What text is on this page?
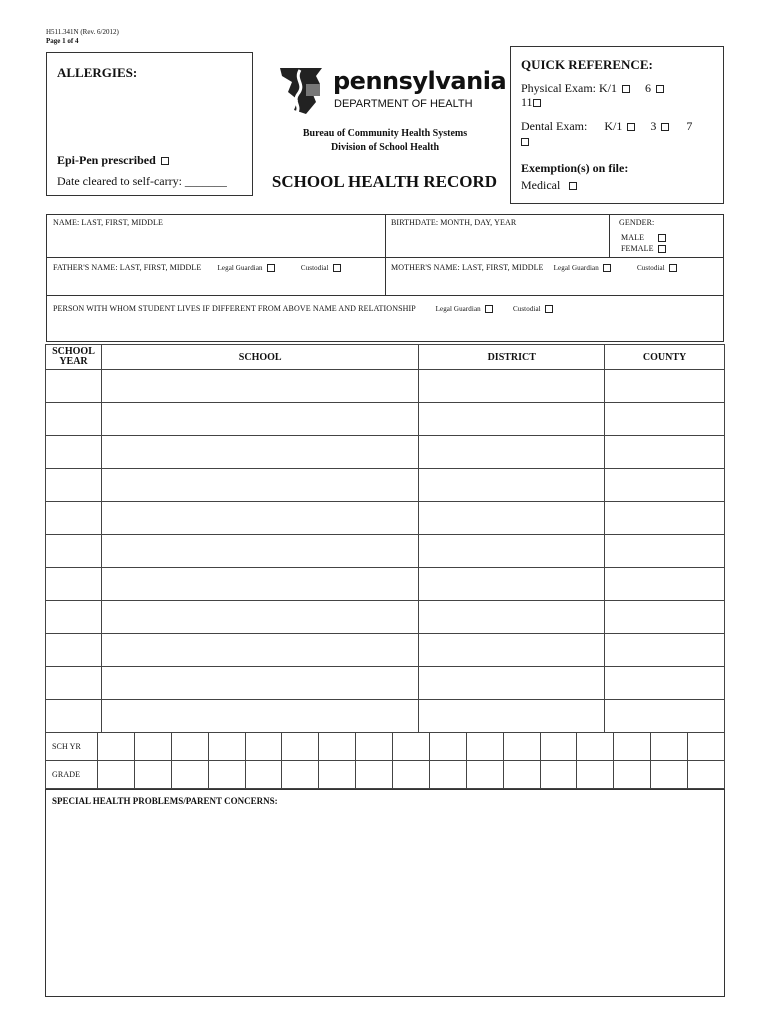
H511.341N (Rev. 6/2012)
Page 1 of 4
ALLERGIES:
Epi-Pen prescribed
Date cleared to self-carry: _______
pennsylvania
DEPARTMENT OF HEALTH
Bureau of Community Health Systems
Division of School Health
SCHOOL HEALTH RECORD
QUICK REFERENCE:
Physical Exam: K/1 6
11
Dental Exam: K/1 3	7
Exemption(s) on file:
Medical
NAME: LAST, FIRST, MIDDLE	BIRTHDATE: MONTH, DAY, YEAR	GENDER:
MALE
FEMALE
FATHER'S NAME: LAST, FIRST, MIDDLE Legal Guardian	Custodial	MOTHER'S NAME: LAST, FIRST, MIDDLE Legal Guardian	Custodial
PERSON WITH WHOM STUDENT LIVES IF DIFFERENT FROM ABOVE NAME AND RELATIONSHIP	Legal Guardian	Custodial
SCHOOL
YEAR	SCHOOL	DISTRICT	COUNTY

SCH YR																	
GRADE																	
SPECIAL HEALTH PROBLEMS/PARENT CONCERNS:
